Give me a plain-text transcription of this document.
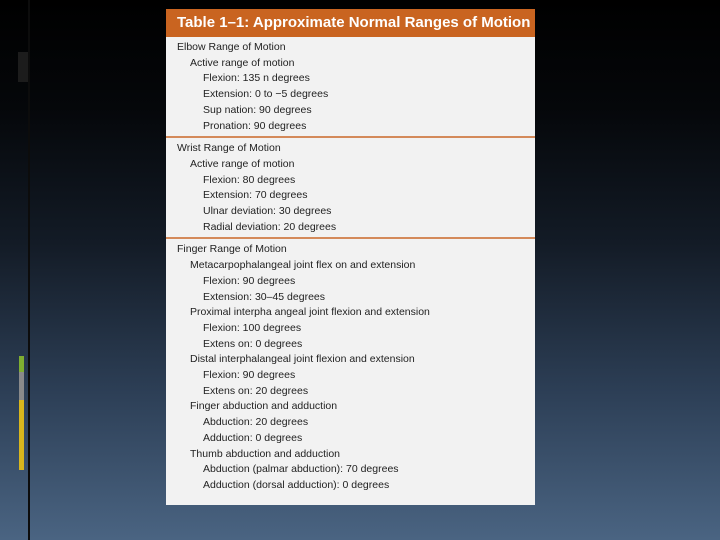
Table 1–1: Approximate Normal Ranges of Motion
Elbow Range of Motion
Active range of motion
Flexion: 135 n degrees
Extension: 0 to −5 degrees
Sup nation: 90 degrees
Pronation: 90 degrees
Wrist Range of Motion
Active range of motion
Flexion: 80 degrees
Extension: 70 degrees
Ulnar deviation: 30 degrees
Radial deviation: 20 degrees
Finger Range of Motion
Metacarpophalangeal joint flex on and extension
Flexion: 90 degrees
Extension: 30–45 degrees
Proximal interpha angeal joint flexion and extension
Flexion: 100 degrees
Extens on: 0 degrees
Distal interphalangeal joint flexion and extension
Flexion: 90 degrees
Extens on: 20 degrees
Finger abduction and adduction
Abduction: 20 degrees
Adduction: 0 degrees
Thumb abduction and adduction
Abduction (palmar abduction): 70 degrees
Adduction (dorsal adduction): 0 degrees
